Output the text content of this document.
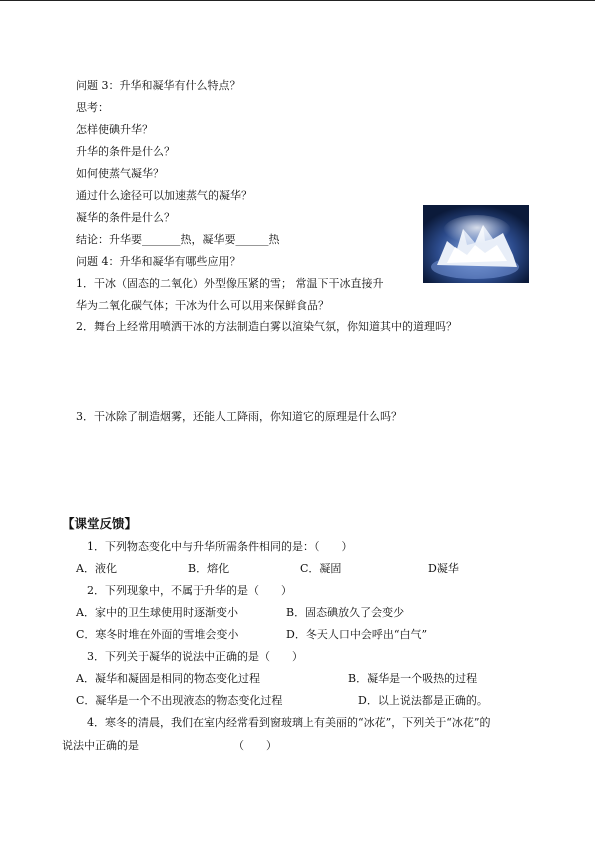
问题 3：升华和凝华有什么特点？
思考：
怎样使碘升华？
升华的条件是什么？
如何使蒸气凝华？
通过什么途径可以加速蒸气的凝华？
凝华的条件是什么？
结论：升华要_______热，凝华要______热
问题 4：升华和凝华有哪些应用？
1．干冰（固态的二氧化）外型像压紧的雪； 常温下干冰直接升
华为二氧化碳气体；干冰为什么可以用来保鲜食品？
2．舞台上经常用喷洒干冰的方法制造白雾以渲染气氛，你知道其中的道理吗？
3．干冰除了制造烟雾，还能人工降雨，你知道它的原理是什么吗？
【课堂反馈】
1．下列物态变化中与升华所需条件相同的是：（　　）
A．液化	B．熔化	C．凝固	D凝华
2．下列现象中，不属于升华的是（　　）
A．家中的卫生球使用时逐渐变小	B．固态碘放久了会变少
C．寒冬时堆在外面的雪堆会变小	D．冬天人口中会呼出“白气”
3．下列关于凝华的说法中正确的是（　　）
A．凝华和凝固是相同的物态变化过程	B．凝华是一个吸热的过程
C．凝华是一个不出现液态的物态变化过程	D．以上说法都是正确的。
4．寒冬的清晨，我们在室内经常看到窗玻璃上有美丽的“冰花”，下列关于“冰花”的
说法中正确的是	（　　）
